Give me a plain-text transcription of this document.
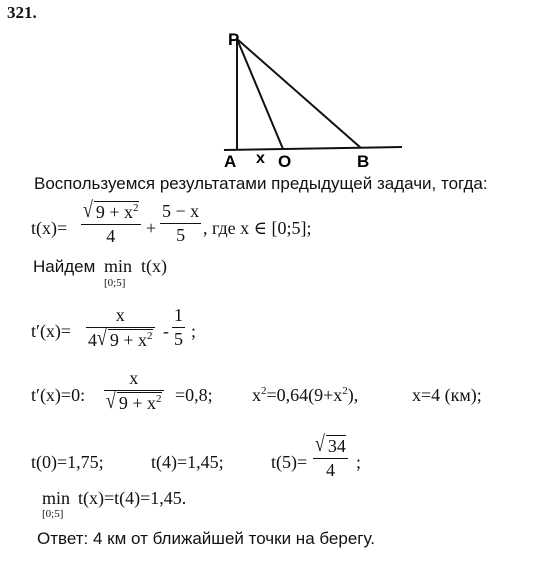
321.
P
A x O	B
Воспользуемся результатами предыдущей задачи, тогда:
$t(x)= \frac{√ 9 + x^2}{4} + \frac{5 - x}{5}$ , где x ∈ [0;5];
Найдем min t(x)
[0;5]
$t'(x)= \frac{x}{4√ 9 + x^2} - \frac{1}{5}$ ;
t′(x)=0: $\frac{x}{√ 9 + x^2} =0,8$; $x^2=0,64(9+x^2)$,	x=4 (км);
t(0)=1,75;	t(4)=1,45;	$t(5)= \frac{√ 34}{4}$ ;
min t(x)=t(4)=1,45.
[0;5]
Ответ: 4 км от ближайшей точки на берегу.
